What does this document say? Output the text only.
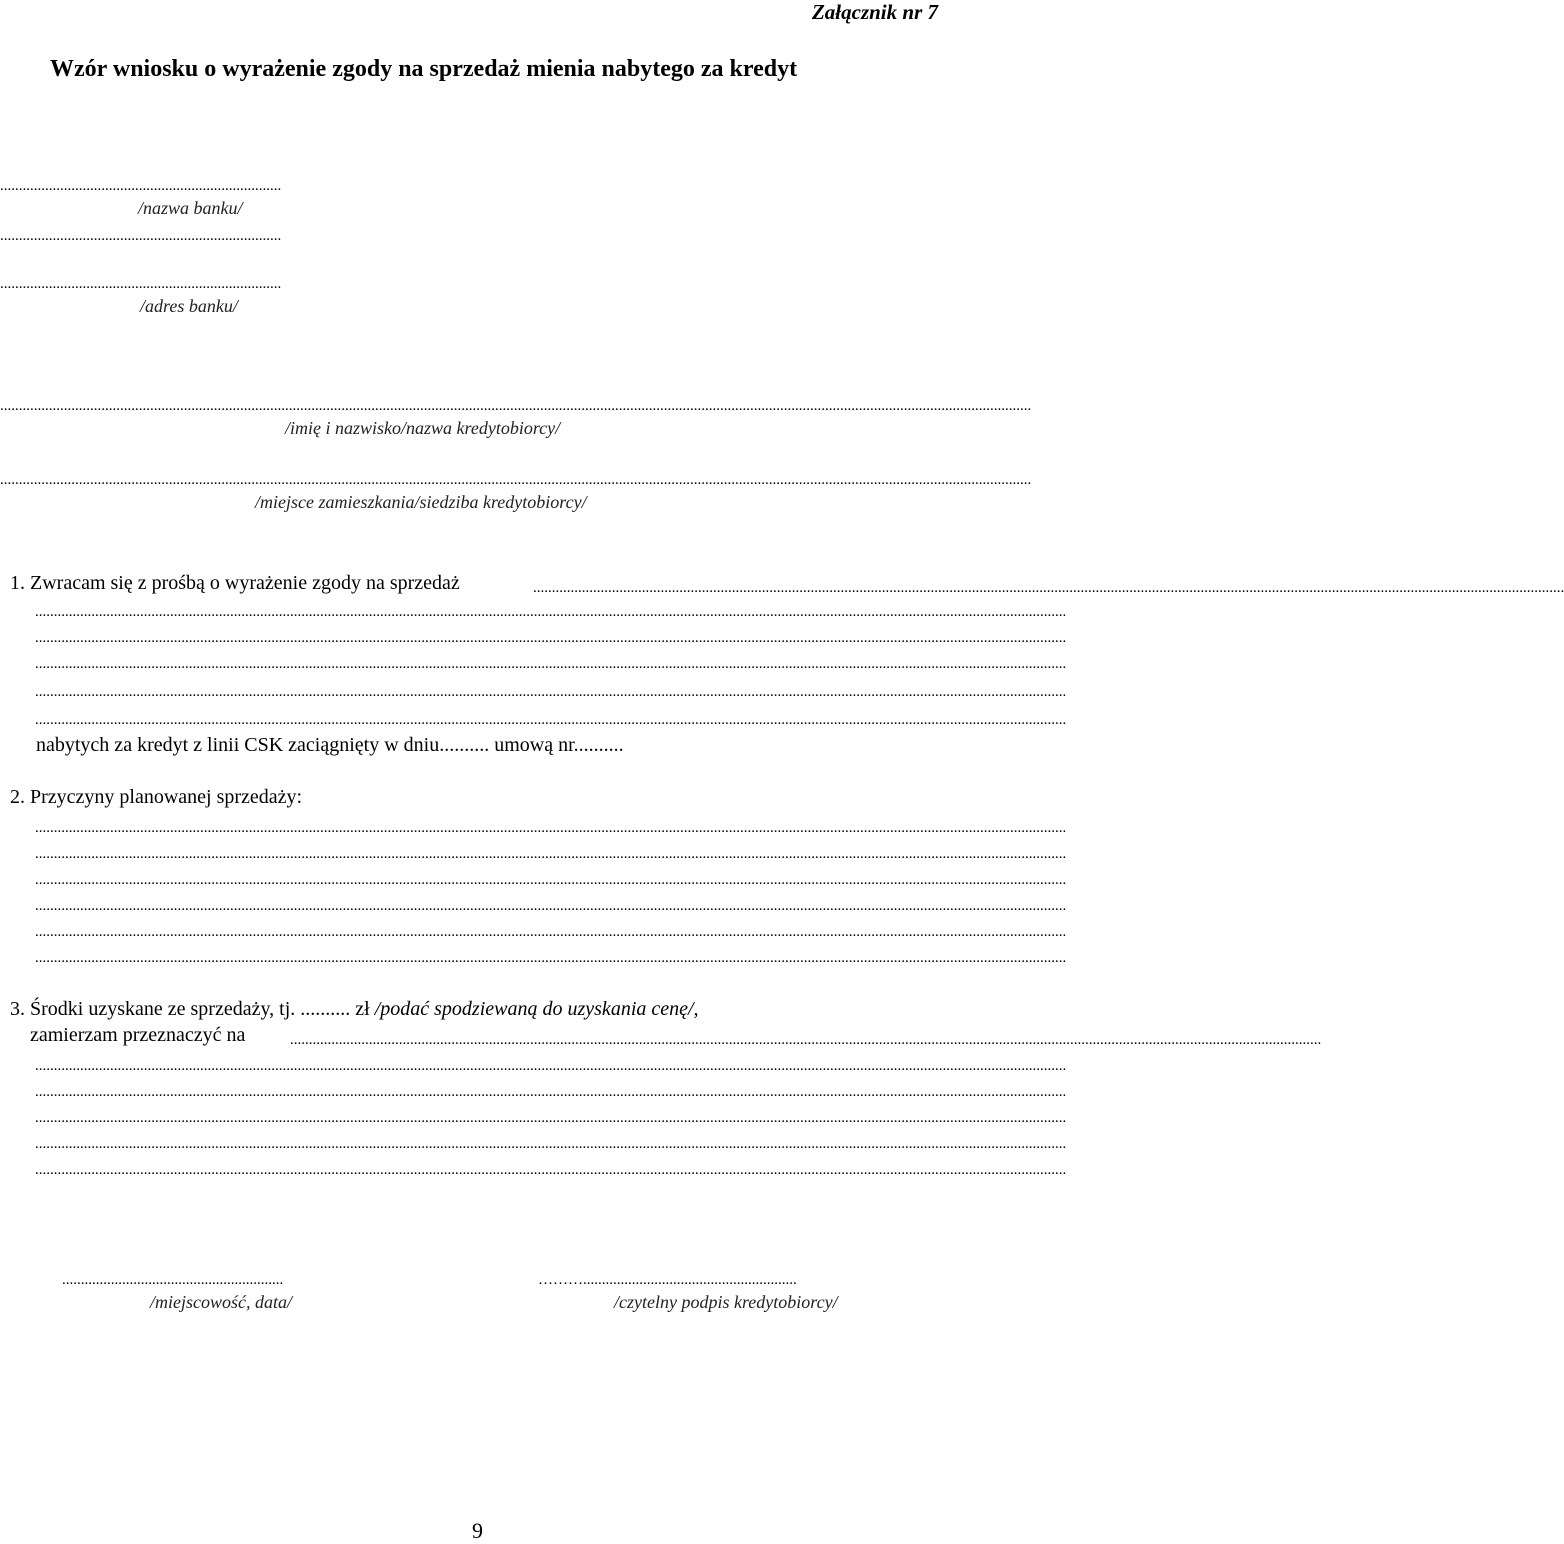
Załącznik nr 7
Wzór wniosku o wyrażenie zgody na sprzedaż mienia nabytego za kredyt
...........................................................................
/nazwa banku/
...........................................................................
...........................................................................
/adres banku/
...................................................................................................................................................................................................................................................................................
/imię i nazwisko/nazwa kredytobiorcy/
...................................................................................................................................................................................................................................................................................
/miejsce zamieszkania/siedziba kredytobiorcy/
1. Zwracam się z prośbą o wyrażenie zgody na sprzedaż	...................................................................................................................................................................................................................................................................................
...................................................................................................................................................................................................................................................................................
...................................................................................................................................................................................................................................................................................
...................................................................................................................................................................................................................................................................................
...................................................................................................................................................................................................................................................................................
...................................................................................................................................................................................................................................................................................
nabytych za kredyt z linii CSK zaciągnięty w dniu.......... umową nr..........
2. Przyczyny planowanej sprzedaży:
...................................................................................................................................................................................................................................................................................
...................................................................................................................................................................................................................................................................................
...................................................................................................................................................................................................................................................................................
...................................................................................................................................................................................................................................................................................
...................................................................................................................................................................................................................................................................................
...................................................................................................................................................................................................................................................................................
3. Środki uzyskane ze sprzedaży, tj. .......... zł /podać spodziewaną do uzyskania cenę/,
zamierzam przeznaczyć na	...................................................................................................................................................................................................................................................................................
...................................................................................................................................................................................................................................................................................
...................................................................................................................................................................................................................................................................................
...................................................................................................................................................................................................................................................................................
...................................................................................................................................................................................................................................................................................
...................................................................................................................................................................................................................................................................................
...........................................................
/miejscowość, data/
……….........................................................
/czytelny podpis kredytobiorcy/
9
